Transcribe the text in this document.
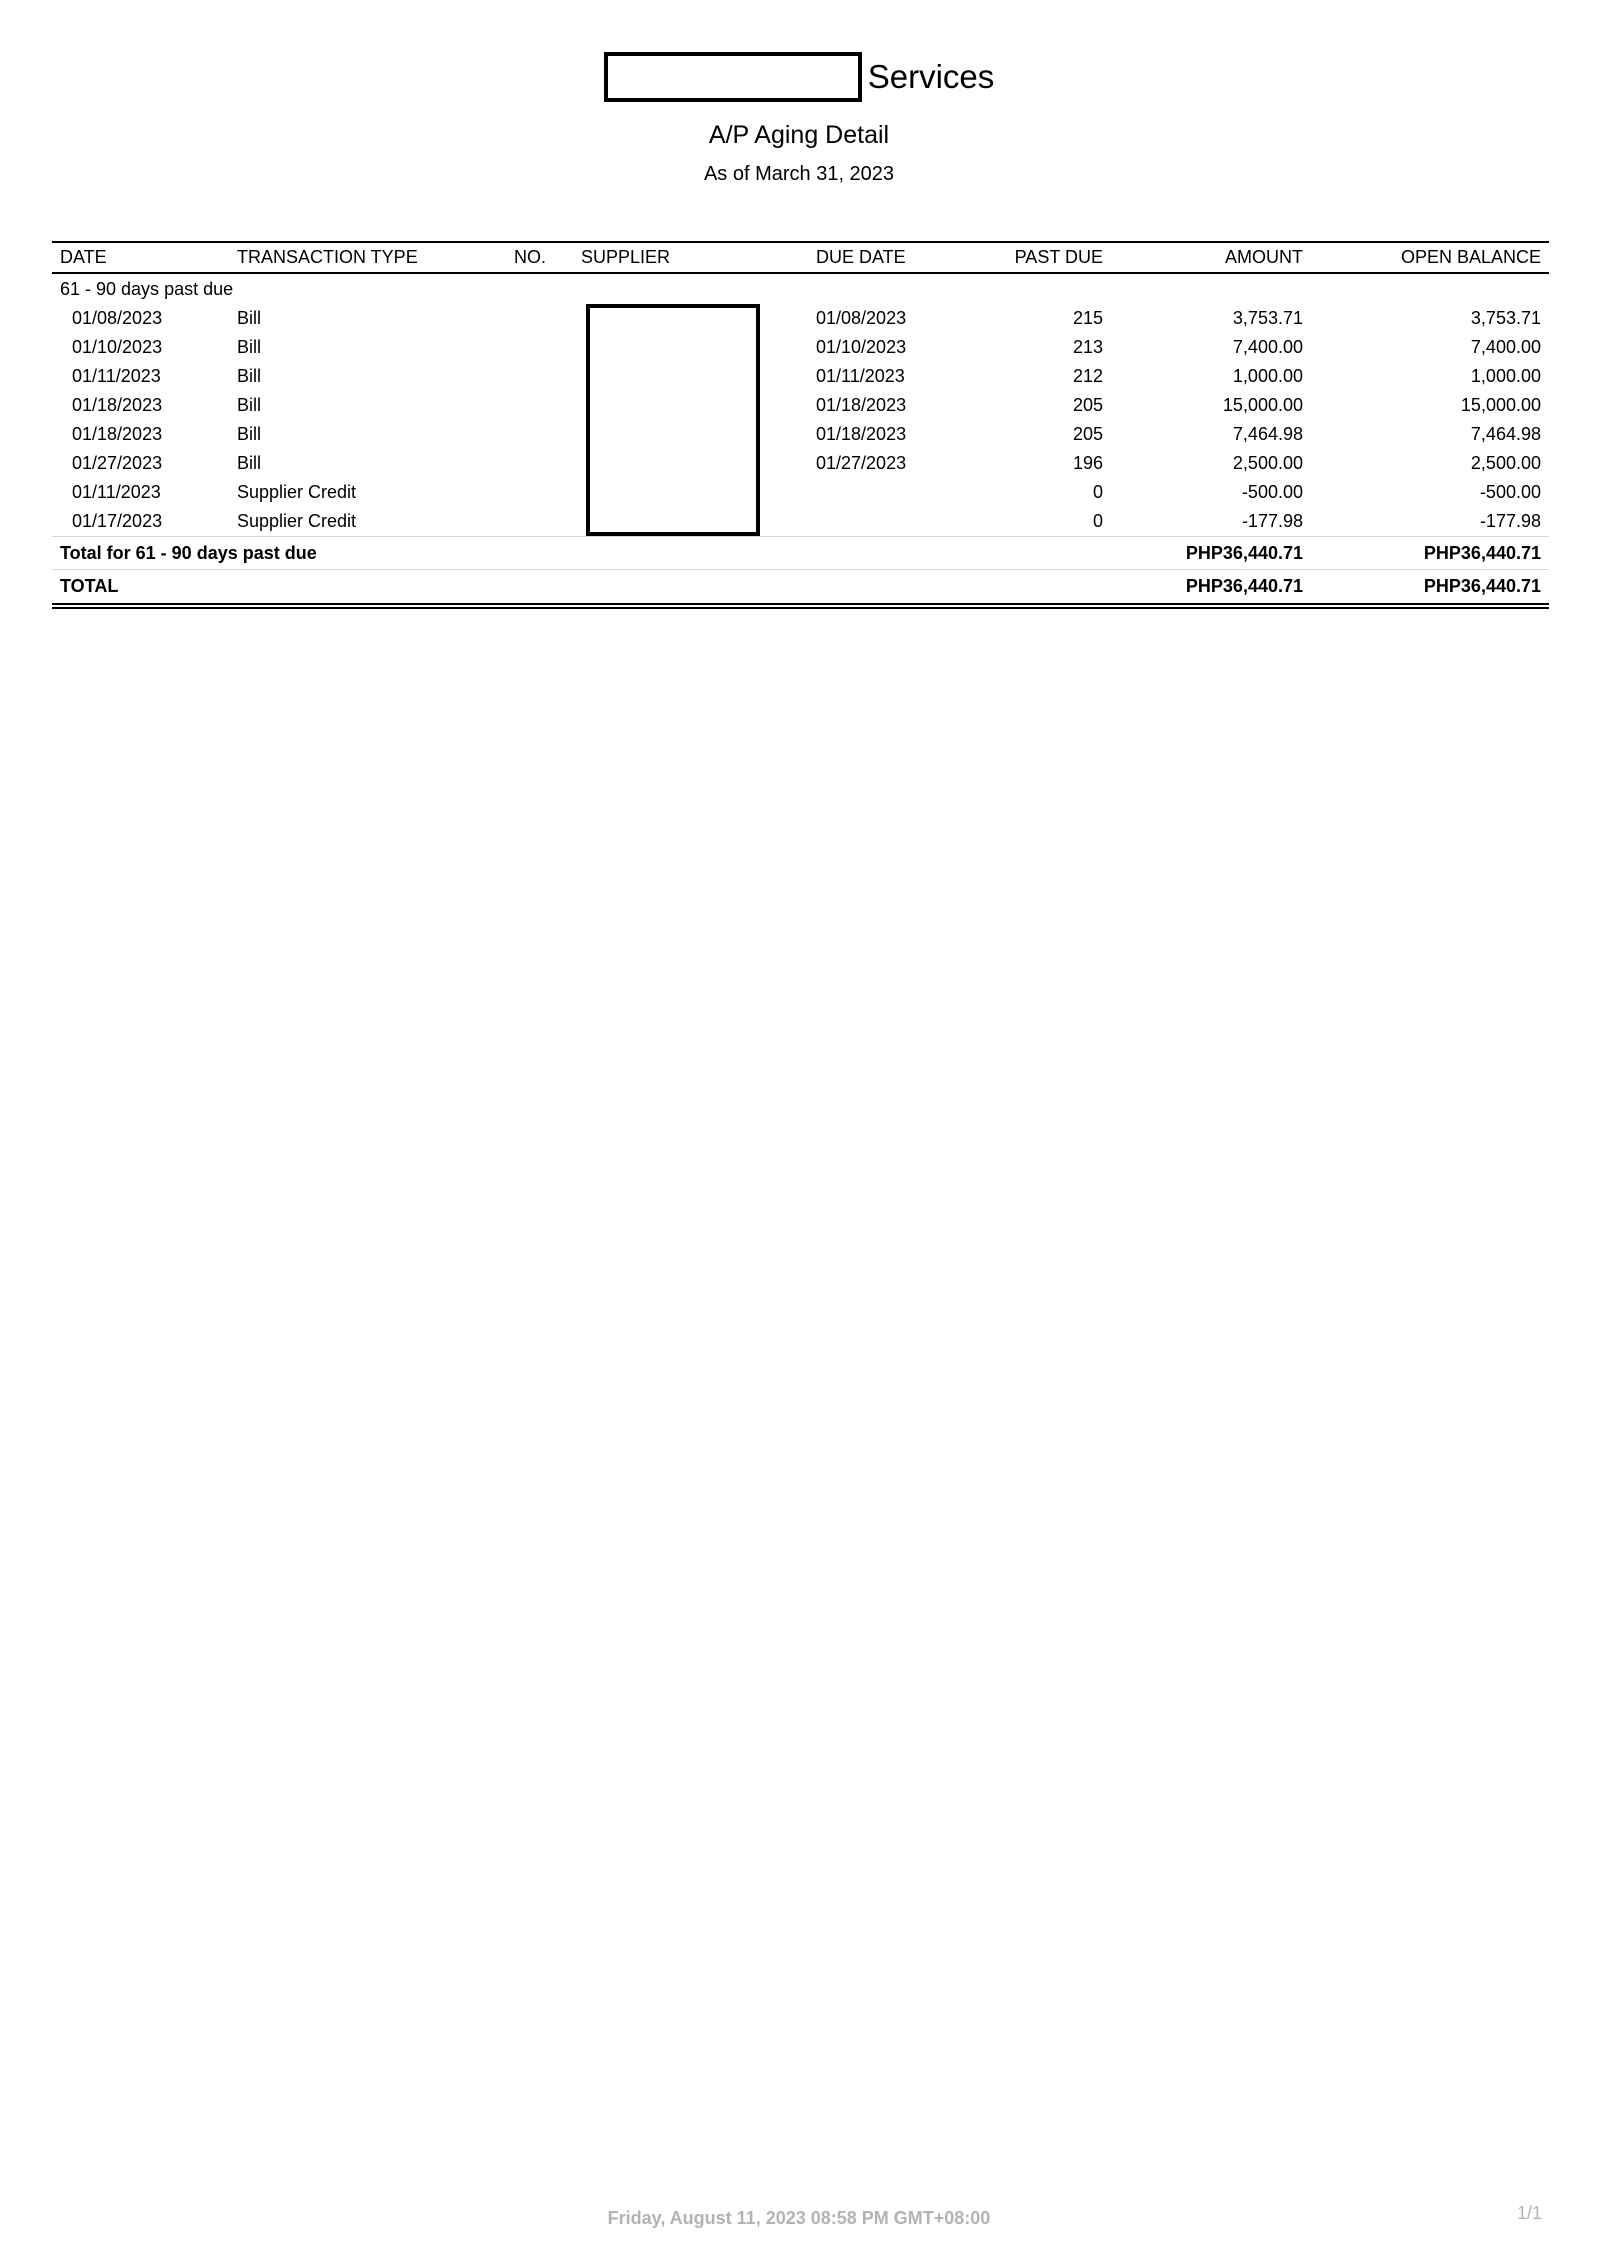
Services
A/P Aging Detail
As of March 31, 2023
DATE	TRANSACTION TYPE	NO.	SUPPLIER	DUE DATE	PAST DUE	AMOUNT	OPEN BALANCE
61 - 90 days past due							
01/08/2023	Bill			01/08/2023	215	3,753.71	3,753.71
01/10/2023	Bill			01/10/2023	213	7,400.00	7,400.00
01/11/2023	Bill			01/11/2023	212	1,000.00	1,000.00
01/18/2023	Bill			01/18/2023	205	15,000.00	15,000.00
01/18/2023	Bill			01/18/2023	205	7,464.98	7,464.98
01/27/2023	Bill			01/27/2023	196	2,500.00	2,500.00
01/11/2023	Supplier Credit				0	-500.00	-500.00
01/17/2023	Supplier Credit				0	-177.98	-177.98
Total for 61 - 90 days past due						PHP36,440.71	PHP36,440.71
TOTAL						PHP36,440.71	PHP36,440.71
Friday, August 11, 2023 08:58 PM GMT+08:00	1/1
